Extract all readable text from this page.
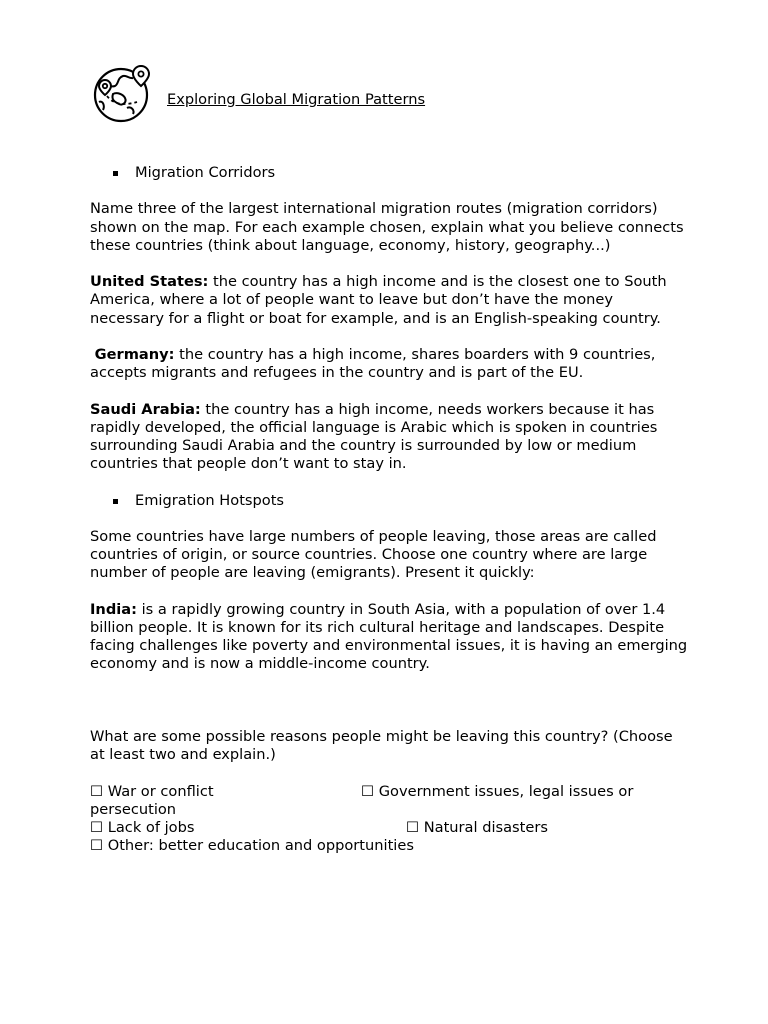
Exploring Global Migration Patterns
Migration Corridors

Name three of the largest international migration routes (migration corridors) shown on the map. For each example chosen, explain what you believe connects these countries (think about language, economy, history, geography...)

United States: the country has a high income and is the closest one to South America, where a lot of people want to leave but don’t have the money necessary for a flight or boat for example, and is an English-speaking country.

Germany: the country has a high income, shares boarders with 9 countries, accepts migrants and refugees in the country and is part of the EU.

Saudi Arabia: the country has a high income, needs workers because it has rapidly developed, the official language is Arabic which is spoken in countries surrounding Saudi Arabia and the country is surrounded by low or medium countries that people don’t want to stay in.

Emigration Hotspots

Some countries have large numbers of people leaving, those areas are called countries of origin, or source countries. Choose one country where are large number of people are leaving (emigrants). Present it quickly:

India: is a rapidly growing country in South Asia, with a population of over 1.4 billion people. It is known for its rich cultural heritage and landscapes. Despite facing challenges like poverty and environmental issues, it is having an emerging economy and is now a middle-income country.

What are some possible reasons people might be leaving this country? (Choose at least two and explain.)

☐ War or conflict	☐ Government issues, legal issues or
persecution
☐ Lack of jobs	☐ Natural disasters
☐ Other: better education and opportunities
